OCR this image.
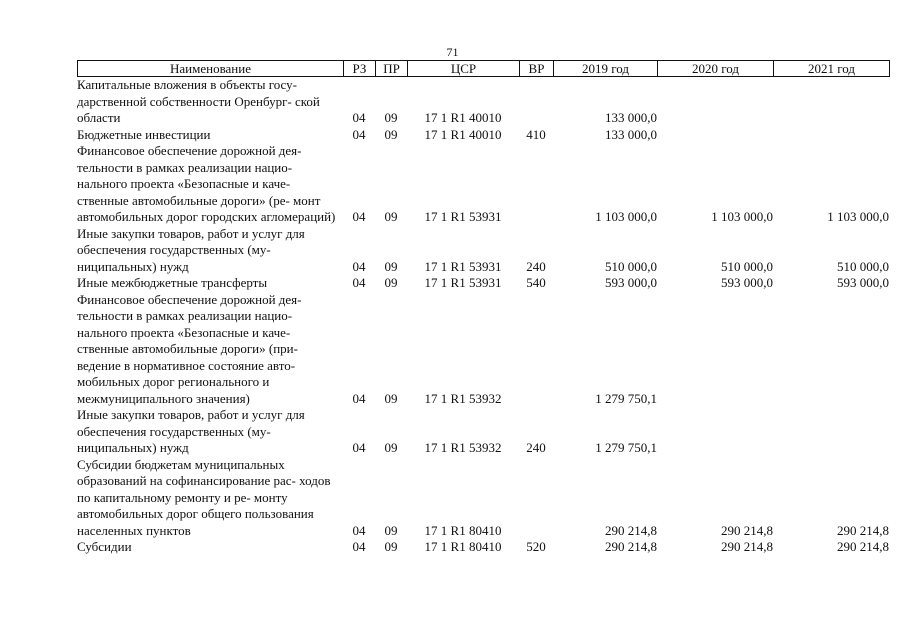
71
Наименование	РЗ	ПР	ЦСР	ВР	2019 год	2020 год	2021 год
Капитальные вложения в объекты госу- дарственной собственности Оренбург- ской области	04	09	17 1 R1 40010		133 000,0		
Бюджетные инвестиции	04	09	17 1 R1 40010	410	133 000,0		
Финансовое обеспечение дорожной дея- тельности в рамках реализации нацио- нального проекта «Безопасные и каче- ственные автомобильные дороги» (ре- монт автомобильных дорог городских агломераций)	04	09	17 1 R1 53931		1 103 000,0	1 103 000,0	1 103 000,0
Иные закупки товаров, работ и услуг для обеспечения государственных (му- ниципальных) нужд	04	09	17 1 R1 53931	240	510 000,0	510 000,0	510 000,0
Иные межбюджетные трансферты	04	09	17 1 R1 53931	540	593 000,0	593 000,0	593 000,0
Финансовое обеспечение дорожной дея- тельности в рамках реализации нацио- нального проекта «Безопасные и каче- ственные автомобильные дороги» (при- ведение в нормативное состояние авто- мобильных дорог регионального и межмуниципального значения)	04	09	17 1 R1 53932		1 279 750,1		
Иные закупки товаров, работ и услуг для обеспечения государственных (му- ниципальных) нужд	04	09	17 1 R1 53932	240	1 279 750,1		
Субсидии бюджетам муниципальных образований на софинансирование рас- ходов по капитальному ремонту и ре- монту автомобильных дорог общего пользования населенных пунктов	04	09	17 1 R1 80410		290 214,8	290 214,8	290 214,8
Субсидии	04	09	17 1 R1 80410	520	290 214,8	290 214,8	290 214,8
